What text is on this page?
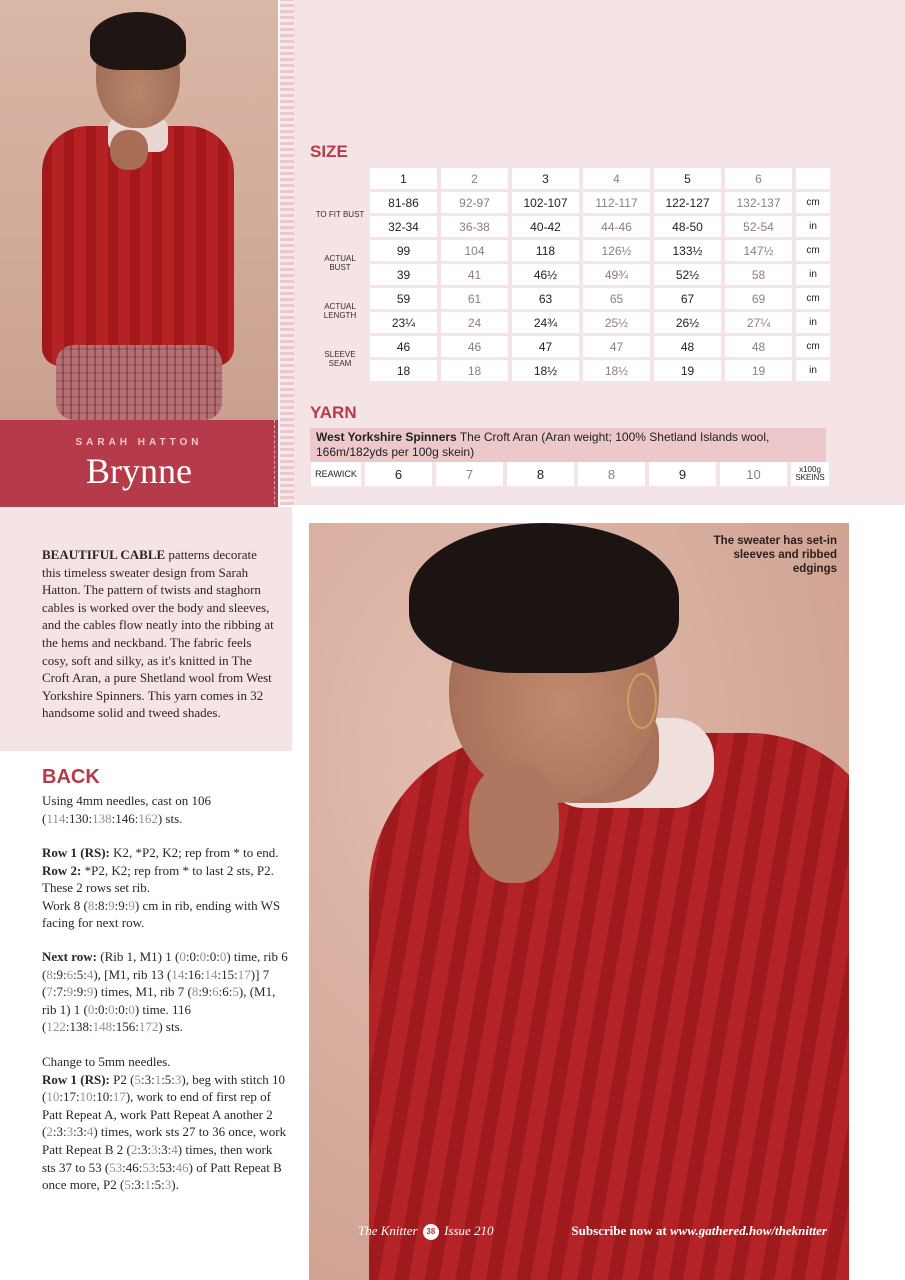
SARAH HATTON
Brynne
SIZE
	1	2	3	4	5	6	
TO FIT BUST	81-86	92-97	102-107	112-117	122-127	132-137	cm
	32-34	36-38	40-42	44-46	48-50	52-54	in
ACTUAL BUST	99	104	118	126½	133½	147½	cm
	39	41	46½	49¾	52½	58	in
ACTUAL LENGTH	59	61	63	65	67	69	cm
	23¼	24	24¾	25½	26½	27¼	in
SLEEVE SEAM	46	46	47	47	48	48	cm
	18	18	18½	18½	19	19	in
YARN
West Yorkshire Spinners The Croft Aran (Aran weight; 100% Shetland Islands wool, 166m/182yds per 100g skein)
REAWICK	6	7	8	8	9	10	x100g SKEINS

BEAUTIFUL CABLE patterns decorate this timeless sweater design from Sarah Hatton. The pattern of twists and staghorn cables is worked over the body and sleeves, and the cables flow neatly into the ribbing at the hems and neckband. The fabric feels cosy, soft and silky, as it's knitted in The Croft Aran, a pure Shetland wool from West Yorkshire Spinners. This yarn comes in 32 handsome solid and tweed shades.

BACK

Using 4mm needles, cast on 106 (114:130:138:146:162) sts.

Row 1 (RS): K2, *P2, K2; rep from * to end.

Row 2: *P2, K2; rep from * to last 2 sts, P2.

These 2 rows set rib.

Work 8 (8:8:9:9:9) cm in rib, ending with WS facing for next row.

Next row: (Rib 1, M1) 1 (0:0:0:0:0) time, rib 6 (8:9:6:5:4), [M1, rib 13 (14:16:14:15:17)] 7 (7:7:9:9:9) times, M1, rib 7 (8:9:6:6:5), (M1, rib 1) 1 (0:0:0:0:0) time. 116 (122:138:148:156:172) sts.

Change to 5mm needles.

Row 1 (RS): P2 (5:3:1:5:3), beg with stitch 10 (10:17:10:10:17), work to end of first rep of Patt Repeat A, work Patt Repeat A another 2 (2:3:3:3:4) times, work sts 27 to 36 once, work Patt Repeat B 2 (2:3:3:3:4) times, then work sts 37 to 53 (53:46:53:53:46) of Patt Repeat B once more, P2 (5:3:1:5:3).

The sweater has set-in sleeves and ribbed edgings
The Knitter 38 Issue 210	Subscribe now at www.gathered.how/theknitter
